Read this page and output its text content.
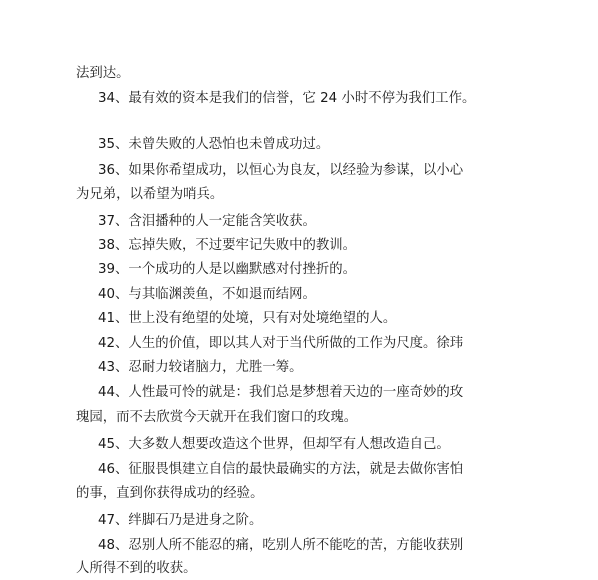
法到达。
34、最有效的资本是我们的信誉，它 24 小时不停为我们工作。
35、未曾失败的人恐怕也未曾成功过。
36、如果你希望成功，以恒心为良友，以经验为参谋，以小心
为兄弟，以希望为哨兵。
37、含泪播种的人一定能含笑收获。
38、忘掉失败，不过要牢记失败中的教训。
39、一个成功的人是以幽默感对付挫折的。
40、与其临渊羡鱼，不如退而结网。
41、世上没有绝望的处境，只有对处境绝望的人。
42、人生的价值，即以其人对于当代所做的工作为尺度。徐玮
43、忍耐力较诸脑力，尤胜一筹。
44、人性最可怜的就是：我们总是梦想着天边的一座奇妙的玫
瑰园，而不去欣赏今天就开在我们窗口的玫瑰。
45、大多数人想要改造这个世界，但却罕有人想改造自己。
46、征服畏惧建立自信的最快最确实的方法，就是去做你害怕
的事，直到你获得成功的经验。
47、绊脚石乃是进身之阶。
48、忍别人所不能忍的痛，吃别人所不能吃的苦，方能收获别
人所得不到的收获。
